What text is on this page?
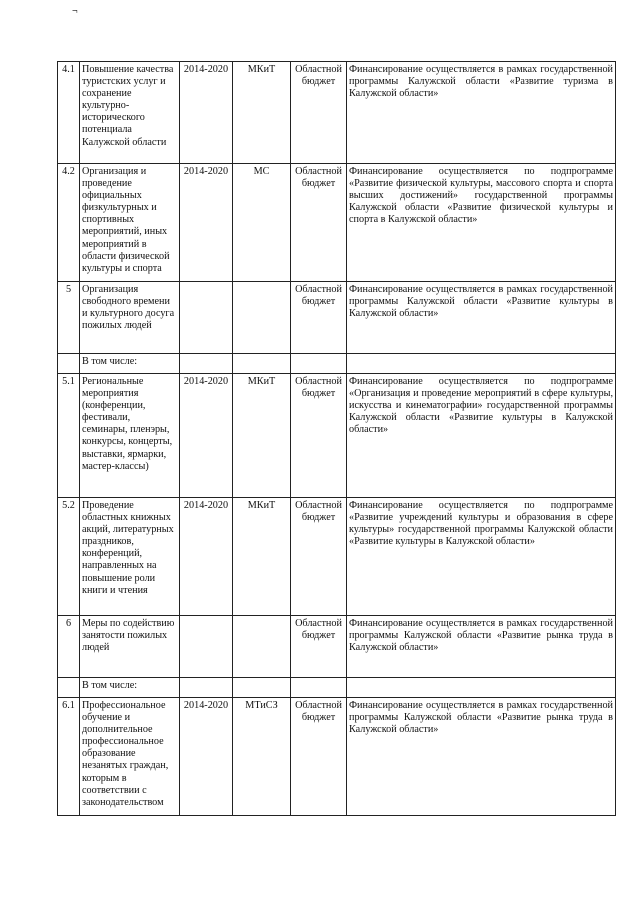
¬
4.1	Повышение качества туристских услуг и сохранение культурно-исторического потенциала Калужской области	2014-2020	МКиТ	Областной бюджет	Финансирование осуществляется в рамках государственной программы Калужской области «Развитие туризма в Калужской области»
4.2	Организация и проведение официальных физкультурных и спортивных мероприятий, иных мероприятий в области физической культуры и спорта	2014-2020	МС	Областной бюджет	Финансирование осуществляется по подпрограмме «Развитие физической культуры, массового спорта и спорта высших достижений» государственной программы Калужской области «Развитие физической культуры и спорта в Калужской области»
5	Организация свободного времени и культурного досуга пожилых людей			Областной бюджет	Финансирование осуществляется в рамках государственной программы Калужской области «Развитие культуры в Калужской области»
	В том числе:				
5.1	Региональные мероприятия (конференции, фестивали, семинары, пленэры, конкурсы, концерты, выставки, ярмарки, мастер-классы)	2014-2020	МКиТ	Областной бюджет	Финансирование осуществляется по подпрограмме «Организация и проведение мероприятий в сфере культуры, искусства и кинематографии» государственной программы Калужской области «Развитие культуры в Калужской области»
5.2	Проведение областных книжных акций, литературных праздников, конференций, направленных на повышение роли книги и чтения	2014-2020	МКиТ	Областной бюджет	Финансирование осуществляется по подпрограмме «Развитие учреждений культуры и образования в сфере культуры» государственной программы Калужской области «Развитие культуры в Калужской области»
6	Меры по содействию занятости пожилых людей			Областной бюджет	Финансирование осуществляется в рамках государственной программы Калужской области «Развитие рынка труда в Калужской области»
	В том числе:				
6.1	Профессиональное обучение и дополнительное профессиональное образование незанятых граждан, которым в соответствии с законодательством	2014-2020	МТиСЗ	Областной бюджет	Финансирование осуществляется в рамках государственной программы Калужской области «Развитие рынка труда в Калужской области»
